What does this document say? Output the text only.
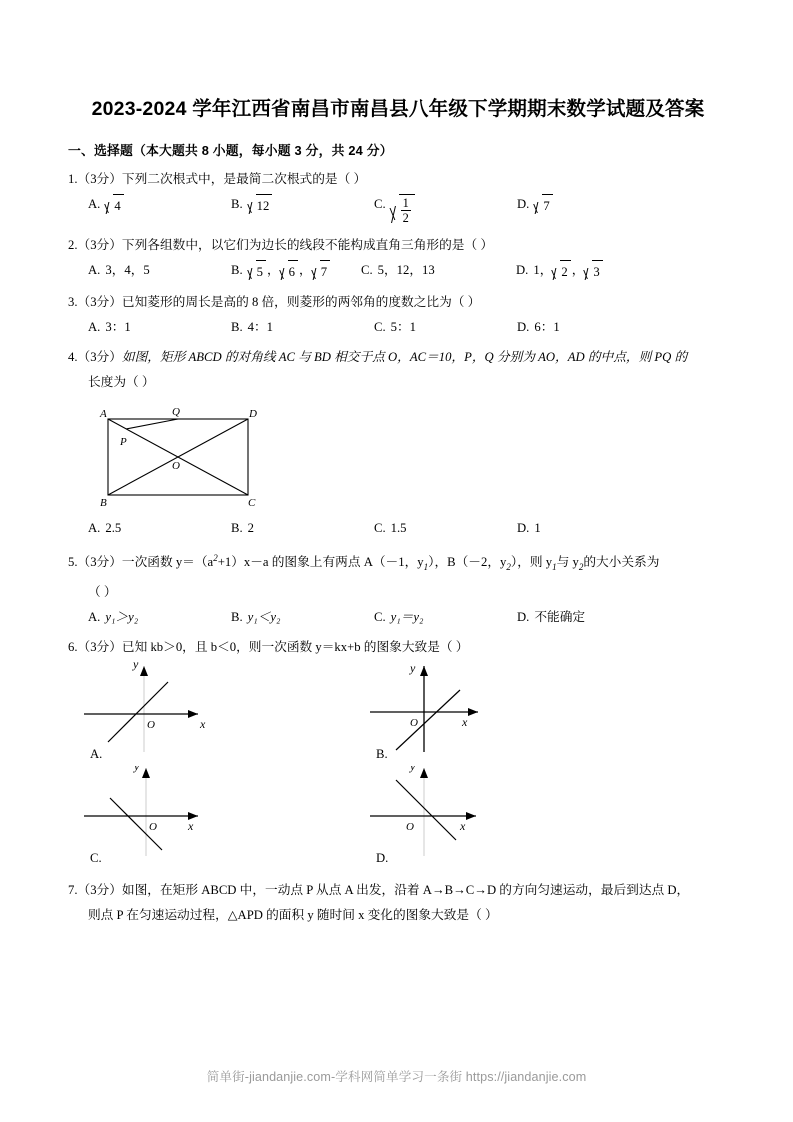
2023-2024 学年江西省南昌市南昌县八年级下学期期末数学试题及答案
一、选择题（本大题共 8 小题，每小题 3 分，共 24 分）
1.（3分）下列二次根式中，是最简二次根式的是（ ）
A. 4	B. 12	C. $\frac{1}{2}$	D. 7
2.（3分）下列各组数中，以它们为边长的线段不能构成直角三角形的是（ ）
A. 3，4，5	B. 5 ， 6 ， 7	C. 5，12，13	D. 1， 2 ， 3
3.（3分）已知菱形的周长是高的 8 倍，则菱形的两邻角的度数之比为（ ）
A. 3：1	B. 4：1	C. 5：1	D. 6：1
4.（3分）如图，矩形 ABCD 的对角线 AC 与 BD 相交于点 O，AC＝10，P，Q 分别为 AO，AD 的中点，则 PQ 的
长度为（ ）
A	D
B	C
Q
P
O
A. 2.5	B. 2	C. 1.5	D. 1
5.（3分）一次函数 $y=(a^2+1)x-a$ 的图象上有两点 A（－1，$y_1$），B（－2，$y_2$），则 $y_1$与 $y_2$的大小关系为
（ ）
A. y₁＞y₂	B. y₁＜y₂	C. y₁＝y₂	D. 不能确定
6.（3分）已知 kb＞0，且 b＜0，则一次函数 y＝kx+b 的图象大致是（ ）
y
x
O
A.
y
x
O
B.
y
x
O
C.
y
x
O
D.
7.（3分）如图，在矩形 ABCD 中，一动点 P 从点 A 出发，沿着 A→B→C→D 的方向匀速运动，最后到达点 D，
则点 P 在匀速运动过程，△APD 的面积 y 随时间 x 变化的图象大致是（ ）
简单街-jiandanjie.com-学科网简单学习一条街 https://jiandanjie.com
